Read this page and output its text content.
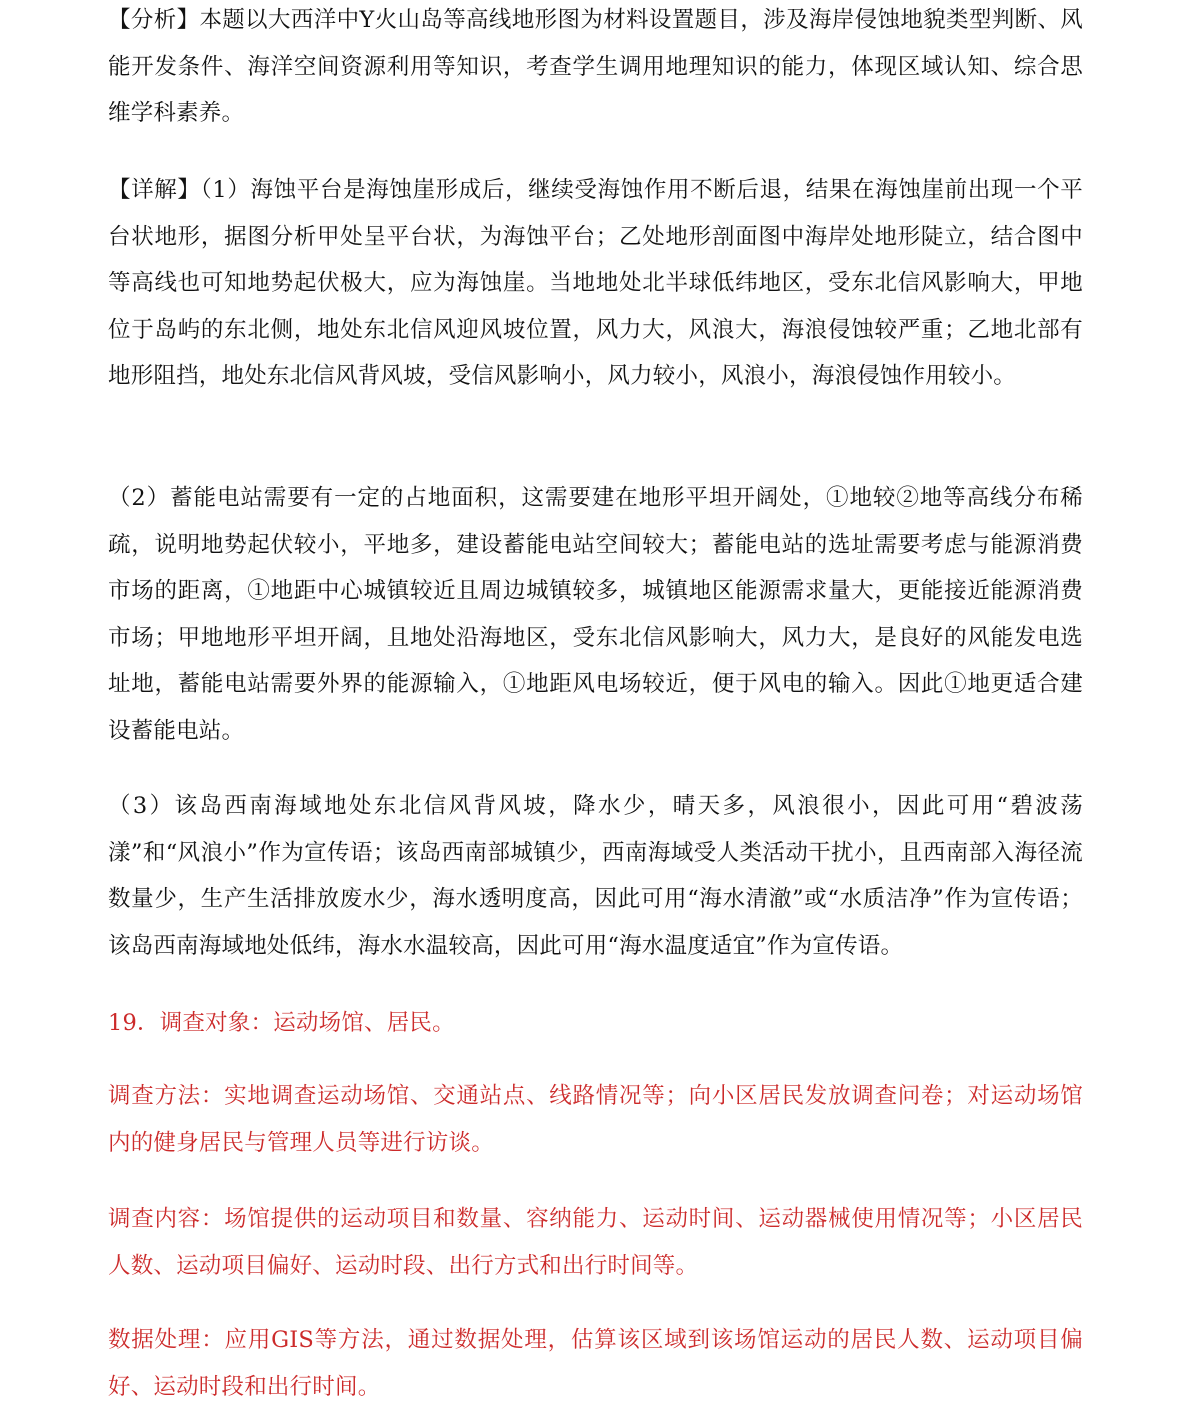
【分析】本题以大西洋中Y火山岛等高线地形图为材料设置题目，涉及海岸侵蚀地貌类型判断、风能开发条件、海洋空间资源利用等知识，考查学生调用地理知识的能力，体现区域认知、综合思维学科素养。
【详解】（1）海蚀平台是海蚀崖形成后，继续受海蚀作用不断后退，结果在海蚀崖前出现一个平台状地形，据图分析甲处呈平台状，为海蚀平台；乙处地形剖面图中海岸处地形陡立，结合图中等高线也可知地势起伏极大，应为海蚀崖。当地地处北半球低纬地区，受东北信风影响大，甲地位于岛屿的东北侧，地处东北信风迎风坡位置，风力大，风浪大，海浪侵蚀较严重；乙地北部有地形阻挡，地处东北信风背风坡，受信风影响小，风力较小，风浪小，海浪侵蚀作用较小。
（2）蓄能电站需要有一定的占地面积，这需要建在地形平坦开阔处，①地较②地等高线分布稀疏，说明地势起伏较小，平地多，建设蓄能电站空间较大；蓄能电站的选址需要考虑与能源消费市场的距离，①地距中心城镇较近且周边城镇较多，城镇地区能源需求量大，更能接近能源消费市场；甲地地形平坦开阔，且地处沿海地区，受东北信风影响大，风力大，是良好的风能发电选址地，蓄能电站需要外界的能源输入，①地距风电场较近，便于风电的输入。因此①地更适合建设蓄能电站。
（3）该岛西南海域地处东北信风背风坡，降水少，晴天多，风浪很小，因此可用“碧波荡漾”和“风浪小”作为宣传语；该岛西南部城镇少，西南海域受人类活动干扰小，且西南部入海径流数量少，生产生活排放废水少，海水透明度高，因此可用“海水清澈”或“水质洁净”作为宣传语；该岛西南海域地处低纬，海水水温较高，因此可用“海水温度适宜”作为宣传语。
19．调查对象：运动场馆、居民。
调查方法：实地调查运动场馆、交通站点、线路情况等；向小区居民发放调查问卷；对运动场馆内的健身居民与管理人员等进行访谈。
调查内容：场馆提供的运动项目和数量、容纳能力、运动时间、运动器械使用情况等；小区居民人数、运动项目偏好、运动时段、出行方式和出行时间等。
数据处理：应用GIS等方法，通过数据处理，估算该区域到该场馆运动的居民人数、运动项目偏好、运动时段和出行时间。
